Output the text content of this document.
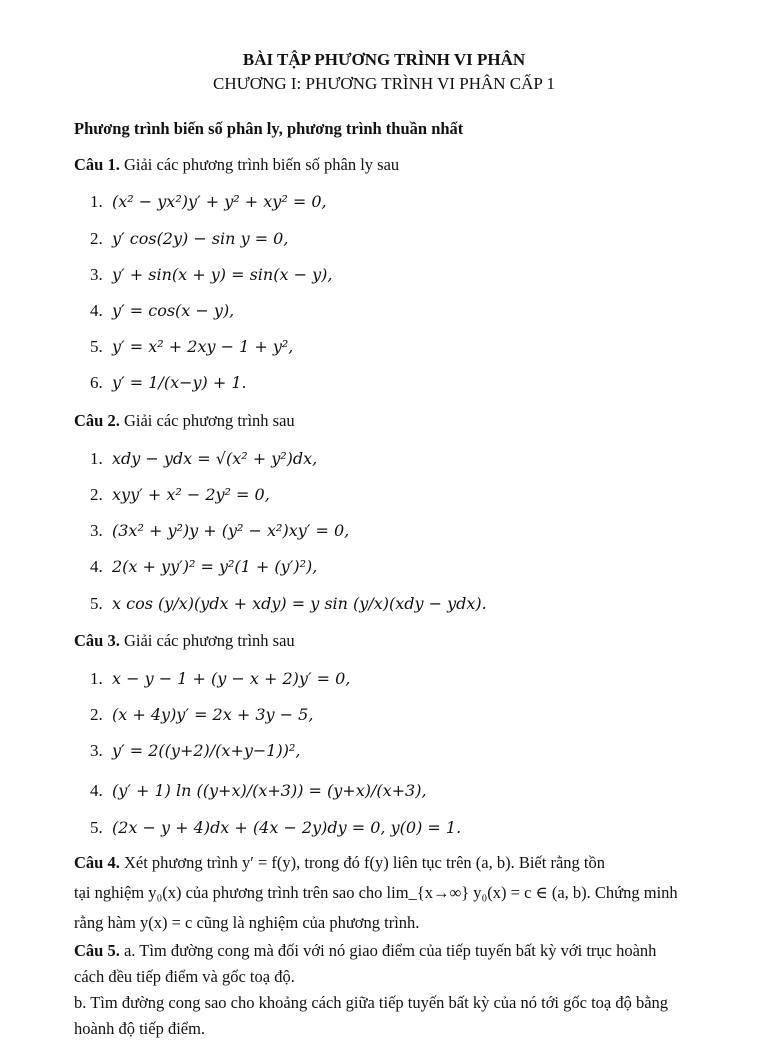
BÀI TẬP PHƯƠNG TRÌNH VI PHÂN
CHƯƠNG I: PHƯƠNG TRÌNH VI PHÂN CẤP 1
Phương trình biến số phân ly, phương trình thuần nhất
Câu 1. Giải các phương trình biến số phân ly sau
1. (x² − yx²)y′ + y² + xy² = 0,
2. y′ cos(2y) − sin y = 0,
3. y′ + sin(x + y) = sin(x − y),
4. y′ = cos(x − y),
5. y′ = x² + 2xy − 1 + y²,
6. y′ = 1/(x−y) + 1.
Câu 2. Giải các phương trình sau
1. xdy − ydx = √(x² + y²)dx,
2. xyy′ + x² − 2y² = 0,
3. (3x² + y²)y + (y² − x²)xy′ = 0,
4. 2(x + yy′)² = y²(1 + (y′)²),
5. x cos (y/x)(ydx + xdy) = y sin (y/x)(xdy − ydx).
Câu 3. Giải các phương trình sau
1. x − y − 1 + (y − x + 2)y′ = 0,
2. (x + 4y)y′ = 2x + 3y − 5,
3. y′ = 2((y+2)/(x+y−1))²,
4. (y′ + 1) ln ((y+x)/(x+3)) = (y+x)/(x+3),
5. (2x − y + 4)dx + (4x − 2y)dy = 0, y(0) = 1.
Câu 4. Xét phương trình y′ = f(y), trong đó f(y) liên tục trên (a, b). Biết rằng tồn
tại nghiệm y₀(x) của phương trình trên sao cho lim_{x→∞} y₀(x) = c ∈ (a, b). Chứng minh
rằng hàm y(x) = c cũng là nghiệm của phương trình.
Câu 5. a. Tìm đường cong mà đối với nó giao điểm của tiếp tuyến bất kỳ với trục hoành
cách đều tiếp điểm và gốc toạ độ.
b. Tìm đường cong sao cho khoảng cách giữa tiếp tuyến bất kỳ của nó tới gốc toạ độ bằng
hoành độ tiếp điểm.
